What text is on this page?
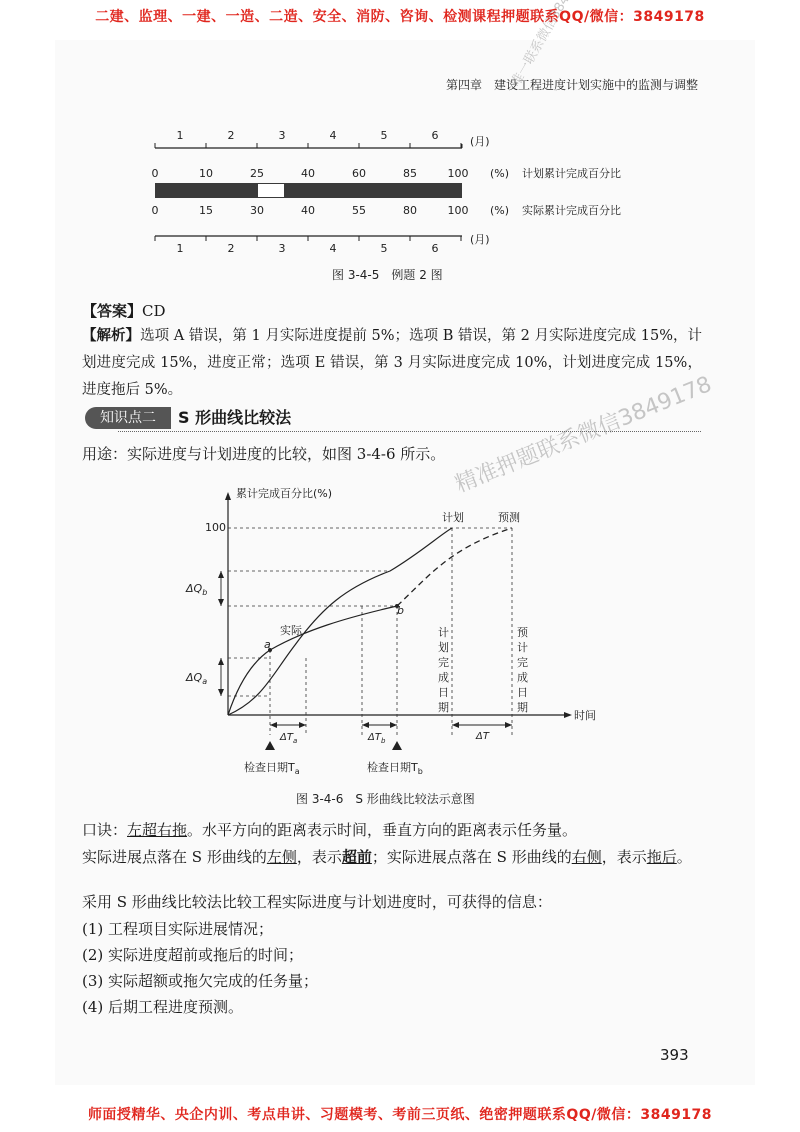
二建、监理、一建、一造、二造、安全、消防、咨询、检测课程押题联系QQ/微信：3849178
第四章　建设工程进度计划实施中的监测与调整
1	2	3	4	5	6	(月)
0	10	25	40	60	85	100 (%) 计划累计完成百分比
0	15	30	40	55	80	100 (%) 实际累计完成百分比
1	2	3	4	5	6
(月)
图 3-4-5　例题 2 图
【答案】CD
【解析】选项 A 错误，第 1 月实际进度提前 5%；选项 B 错误，第 2 月实际进度完成 15%，计划进度完成 15%，进度正常；选项 E 错误，第 3 月实际进度完成 10%，计划进度完成 15%，进度拖后 5%。	精准押题联系微信3849178
知识点二	S 形曲线比较法
用途：实际进度与计划进度的比较，如图 3-4-6 所示。
累计完成百分比(%)
时间
100
$\Delta Q_b$
$\Delta Q_a$
a
b
实际
计划	预测
计
划
完
成
日
期
预
计
完
成
日
期
$\Delta T_a$	$\Delta T_b$	ΔT
检查日期$T_a$	检查日期$T_b$
图 3-4-6　S 形曲线比较法示意图
口诀：左超右拖。水平方向的距离表示时间，垂直方向的距离表示任务量。
实际进展点落在 S 形曲线的左侧，表示超前；实际进展点落在 S 形曲线的右侧，表示拖后。
采用 S 形曲线比较法比较工程实际进度与计划进度时，可获得的信息：
(1) 工程项目实际进展情况；
(2) 实际进度超前或拖后的时间；
(3) 实际超额或拖欠完成的任务量；
(4) 后期工程进度预测。
393
师面授精华、央企内训、考点串讲、习题模考、考前三页纸、绝密押题联系QQ/微信：3849178
